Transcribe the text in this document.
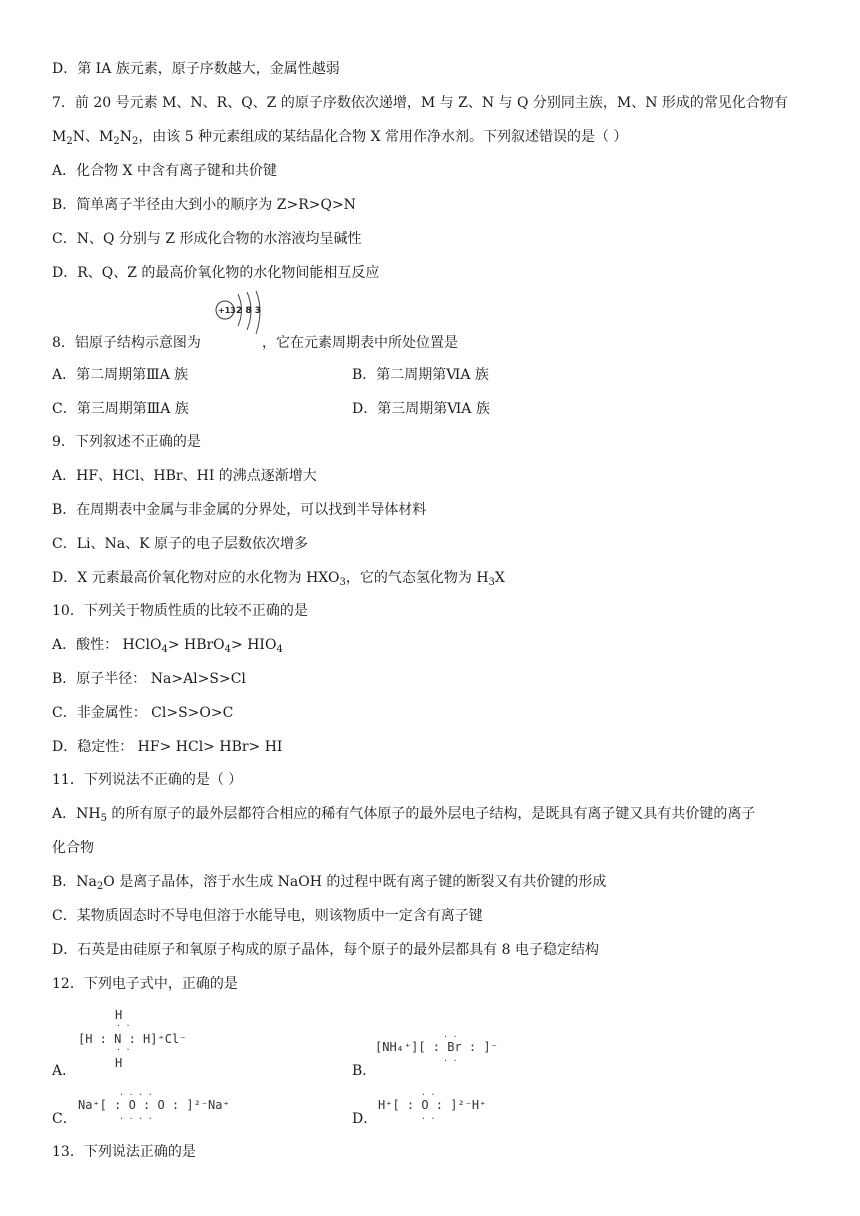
D．第 IA 族元素，原子序数越大，金属性越弱
7．前 20 号元素 M、N、R、Q、Z 的原子序数依次递增，M 与 Z、N 与 Q 分别同主族，M、N 形成的常见化合物有
$M_2N$、$M_2N_2$，由该 5 种元素组成的某结晶化合物 X 常用作净水剂。下列叙述错误的是（ ）
A．化合物 X 中含有离子键和共价键
B．简单离子半径由大到小的顺序为 Z>R>Q>N
C．N、Q 分别与 Z 形成化合物的水溶液均呈碱性
D．R、Q、Z 的最高价氧化物的水化物间能相互反应
8．铝原子结构示意图为
+13 2 8 3
，它在元素周期表中所处位置是
A．第二周期第ⅢA 族	B．第二周期第ⅥA 族
C．第三周期第ⅢA 族	D．第三周期第ⅥA 族
9．下列叙述不正确的是
A．HF、HCl、HBr、HI 的沸点逐渐增大
B．在周期表中金属与非金属的分界处，可以找到半导体材料
C．Li、Na、K 原子的电子层数依次增多
D．X 元素最高价氧化物对应的水化物为 $HXO_3$，它的气态氢化物为 $H_3X$
10．下列关于物质性质的比较不正确的是
A．酸性： HClO$_4$> HBrO$_4$> $HIO_4$
B．原子半径： Na>Al>S>Cl
C．非金属性： Cl>S>O>C
D．稳定性： HF> HCl> HBr> HI
11．下列说法不正确的是（ ）
A．$NH_5$ 的所有原子的最外层都符合相应的稀有气体原子的最外层电子结构，是既具有离子键又具有共价键的离子
化合物
B．$Na_2O$ 是离子晶体，溶于水生成 NaOH 的过程中既有离子键的断裂又有共价键的形成
C．某物质固态时不导电但溶于水能导电，则该物质中一定含有离子键
D．石英是由硅原子和氧原子构成的原子晶体，每个原子的最外层都具有 8 电子稳定结构
12．下列电子式中，正确的是
A．
H
· ·
[H : N : H]⁺Cl⁻
· ·
H	B．
· ·
[NH₄⁺][ : Br : ]⁻
· ·
C．
· · · ·
Na⁺[ : O : O : ]²⁻Na⁺
· · · ·	D．
· ·
H⁺[ : O : ]²⁻H⁺
· ·
13．下列说法正确的是
